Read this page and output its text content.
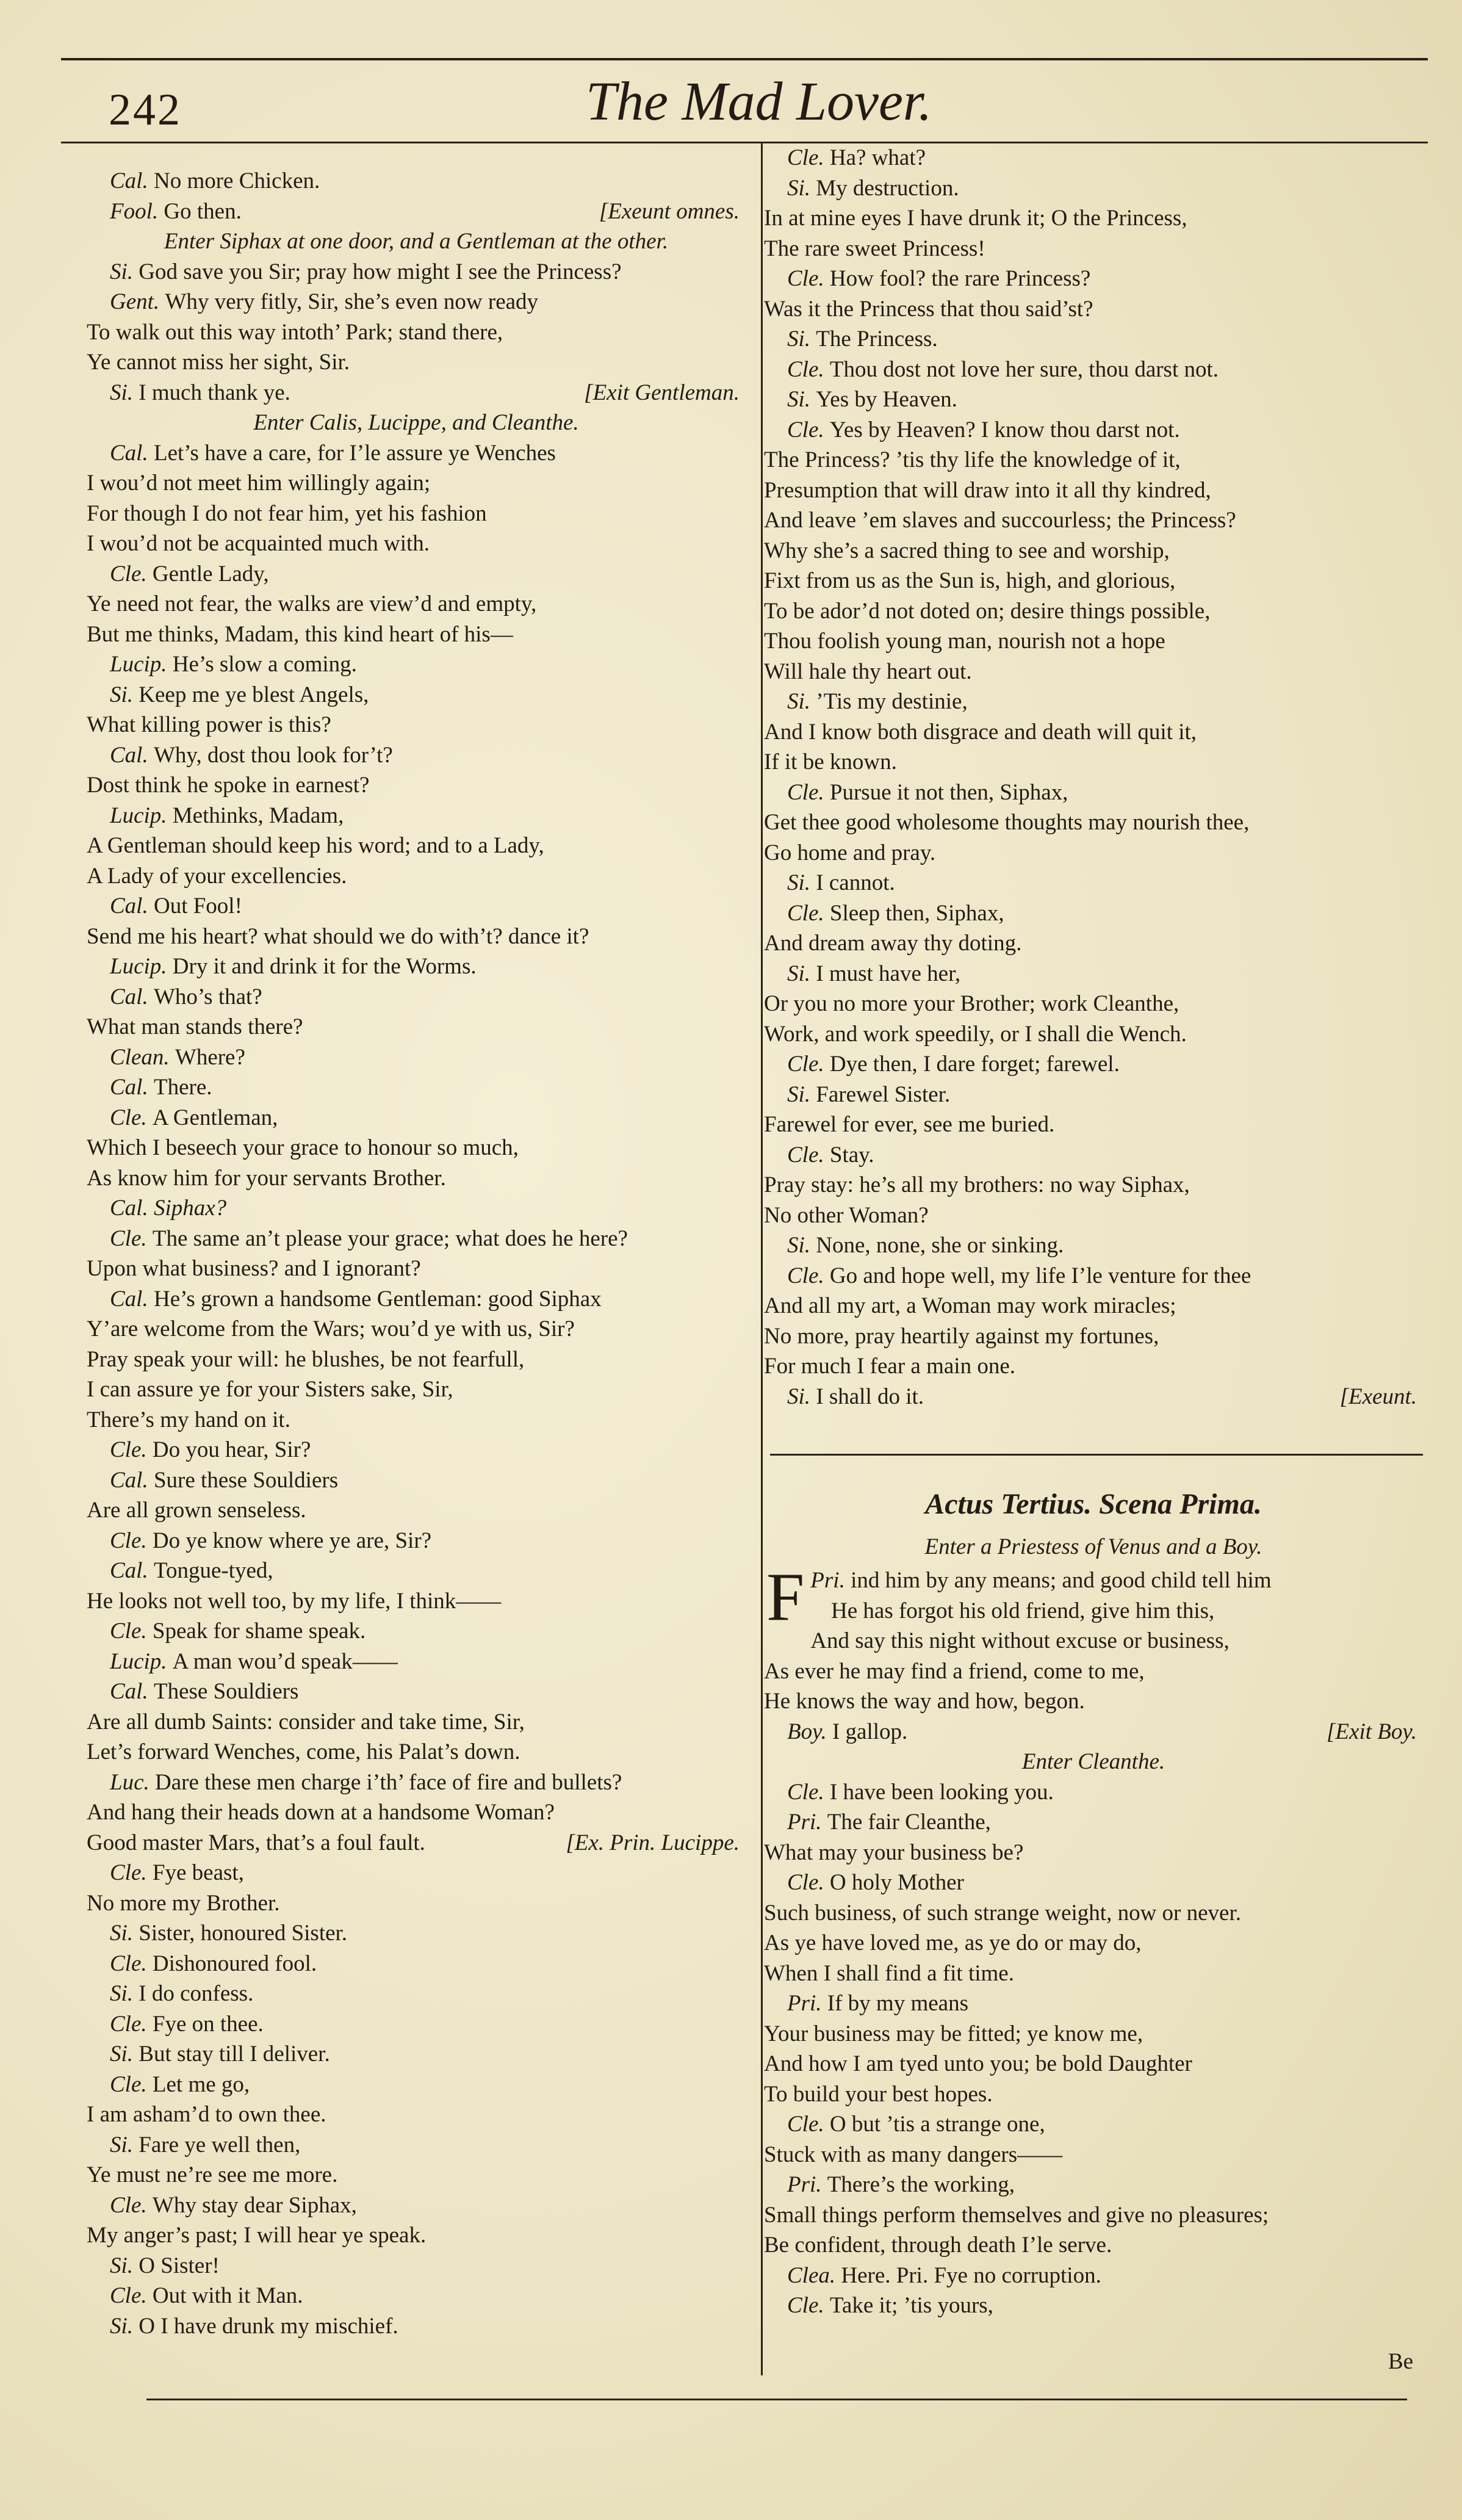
242	The Mad Lover.
Cal. No more Chicken.
Fool. Go then.	[Exeunt omnes.
Enter Siphax at one door, and a Gentleman at the other.
Si. God save you Sir; pray how might I see the Princess?
Gent. Why very fitly, Sir, she’s even now ready
To walk out this way intoth’ Park; stand there,
Ye cannot miss her sight, Sir.
Si. I much thank ye.	[Exit Gentleman.
Enter Calis, Lucippe, and Cleanthe.
Cal. Let’s have a care, for I’le assure ye Wenches
I wou’d not meet him willingly again;
For though I do not fear him, yet his fashion
I wou’d not be acquainted much with.
Cle. Gentle Lady,
Ye need not fear, the walks are view’d and empty,
But me thinks, Madam, this kind heart of his—
Lucip. He’s slow a coming.
Si. Keep me ye blest Angels,
What killing power is this?
Cal. Why, dost thou look for’t?
Dost think he spoke in earnest?
Lucip. Methinks, Madam,
A Gentleman should keep his word; and to a Lady,
A Lady of your excellencies.
Cal. Out Fool!
Send me his heart? what should we do with’t? dance it?
Lucip. Dry it and drink it for the Worms.
Cal. Who’s that?
What man stands there?
Clean. Where?
Cal. There.
Cle. A Gentleman,
Which I beseech your grace to honour so much,
As know him for your servants Brother.
Cal. Siphax?
Cle. The same an’t please your grace; what does he here?
Upon what business? and I ignorant?
Cal. He’s grown a handsome Gentleman: good Siphax
Y’are welcome from the Wars; wou’d ye with us, Sir?
Pray speak your will: he blushes, be not fearfull,
I can assure ye for your Sisters sake, Sir,
There’s my hand on it.
Cle. Do you hear, Sir?
Cal. Sure these Souldiers
Are all grown senseless.
Cle. Do ye know where ye are, Sir?
Cal. Tongue-tyed,
He looks not well too, by my life, I think——
Cle. Speak for shame speak.
Lucip. A man wou’d speak——
Cal. These Souldiers
Are all dumb Saints: consider and take time, Sir,
Let’s forward Wenches, come, his Palat’s down.
Luc. Dare these men charge i’th’ face of fire and bullets?
And hang their heads down at a handsome Woman?
Good master Mars, that’s a foul fault.	[Ex. Prin. Lucippe.
Cle. Fye beast,
No more my Brother.
Si. Sister, honoured Sister.
Cle. Dishonoured fool.
Si. I do confess.
Cle. Fye on thee.
Si. But stay till I deliver.
Cle. Let me go,
I am asham’d to own thee.
Si. Fare ye well then,
Ye must ne’re see me more.
Cle. Why stay dear Siphax,
My anger’s past; I will hear ye speak.
Si. O Sister!
Cle. Out with it Man.
Si. O I have drunk my mischief.
Cle. Ha? what?
Si. My destruction.
In at mine eyes I have drunk it; O the Princess,
The rare sweet Princess!
Cle. How fool? the rare Princess?
Was it the Princess that thou said’st?
Si. The Princess.
Cle. Thou dost not love her sure, thou darst not.
Si. Yes by Heaven.
Cle. Yes by Heaven? I know thou darst not.
The Princess? ’tis thy life the knowledge of it,
Presumption that will draw into it all thy kindred,
And leave ’em slaves and succourless; the Princess?
Why she’s a sacred thing to see and worship,
Fixt from us as the Sun is, high, and glorious,
To be ador’d not doted on; desire things possible,
Thou foolish young man, nourish not a hope
Will hale thy heart out.
Si. ’Tis my destinie,
And I know both disgrace and death will quit it,
If it be known.
Cle. Pursue it not then, Siphax,
Get thee good wholesome thoughts may nourish thee,
Go home and pray.
Si. I cannot.
Cle. Sleep then, Siphax,
And dream away thy doting.
Si. I must have her,
Or you no more your Brother; work Cleanthe,
Work, and work speedily, or I shall die Wench.
Cle. Dye then, I dare forget; farewel.
Si. Farewel Sister.
Farewel for ever, see me buried.
Cle. Stay.
Pray stay: he’s all my brothers: no way Siphax,
No other Woman?
Si. None, none, she or sinking.
Cle. Go and hope well, my life I’le venture for thee
And all my art, a Woman may work miracles;
No more, pray heartily against my fortunes,
For much I fear a main one.
Si. I shall do it.	[Exeunt.
Actus Tertius. Scena Prima.
Enter a Priestess of Venus and a Boy.
Pri.
F ind him by any means; and good child tell him
He has forgot his old friend, give him this,
And say this night without excuse or business,
As ever he may find a friend, come to me,
He knows the way and how, begon.
Boy. I gallop.	[Exit Boy.
Enter Cleanthe.
Cle. I have been looking you.
Pri. The fair Cleanthe,
What may your business be?
Cle. O holy Mother
Such business, of such strange weight, now or never.
As ye have loved me, as ye do or may do,
When I shall find a fit time.
Pri. If by my means
Your business may be fitted; ye know me,
And how I am tyed unto you; be bold Daughter
To build your best hopes.
Cle. O but ’tis a strange one,
Stuck with as many dangers——
Pri. There’s the working,
Small things perform themselves and give no pleasures;
Be confident, through death I’le serve.
Clea. Here. Pri. Fye no corruption.
Cle. Take it; ’tis yours,
Be
